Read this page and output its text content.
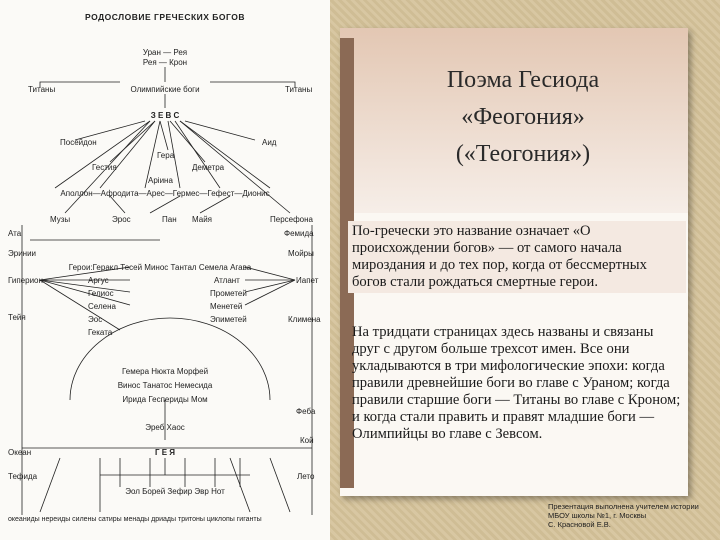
РОДОСЛОВИЕ ГРЕЧЕСКИХ БОГОВ
Уран — Рея
Рея — Крон
Титаны	Олимпийские боги	Титаны
З Е В С
Посейдон	Аид
Гера
Гестия	Деметра
Аріина
Аполлон—Афродита—Арес—Гермес—Гефест—Дионис
Музы	Эрос	Пан Майя	Персефона
Ата	Фемида
Эринии	Мойры
Герои:Геракл Тесей Минос Тантал Семела Агава
Гиперион	Иапет
Аргус	Атлант
Гелиос	Прометей
Селена	Менетей
Эос	Эпиметей
Тейя	Климена
Геката
Гемера Нюкта Морфей
Винос Танатос Немесида
Ирида Геспериды Мом
Феба
Эреб Хаос
Кой
Океан	Г Е Я
Тефида	Лето
Эол Борей Зефир Эвр Нот
океаниды нереиды силены сатиры менады дриады тритоны циклопы гиганты
Поэма Гесиода
«Феогония»
(«Теогония»)
По-гречески это название означает «О происхождении богов» — от самого начала мироздания и до тех пор, когда от бессмертных богов стали рождаться смертные герои.
На тридцати страницах здесь названы и связаны друг с другом больше трехсот имен. Все они укладываются в три мифологические эпохи: когда правили древнейшие боги во главе с Ураном; когда правили старшие боги — Титаны во главе с Кроном; и когда стали править и правят младшие боги — Олимпийцы во главе с Зевсом.
Презентация выполнена учителем истории
МБОУ школы №1, г. Москвы
С. Красновой Е.В.
